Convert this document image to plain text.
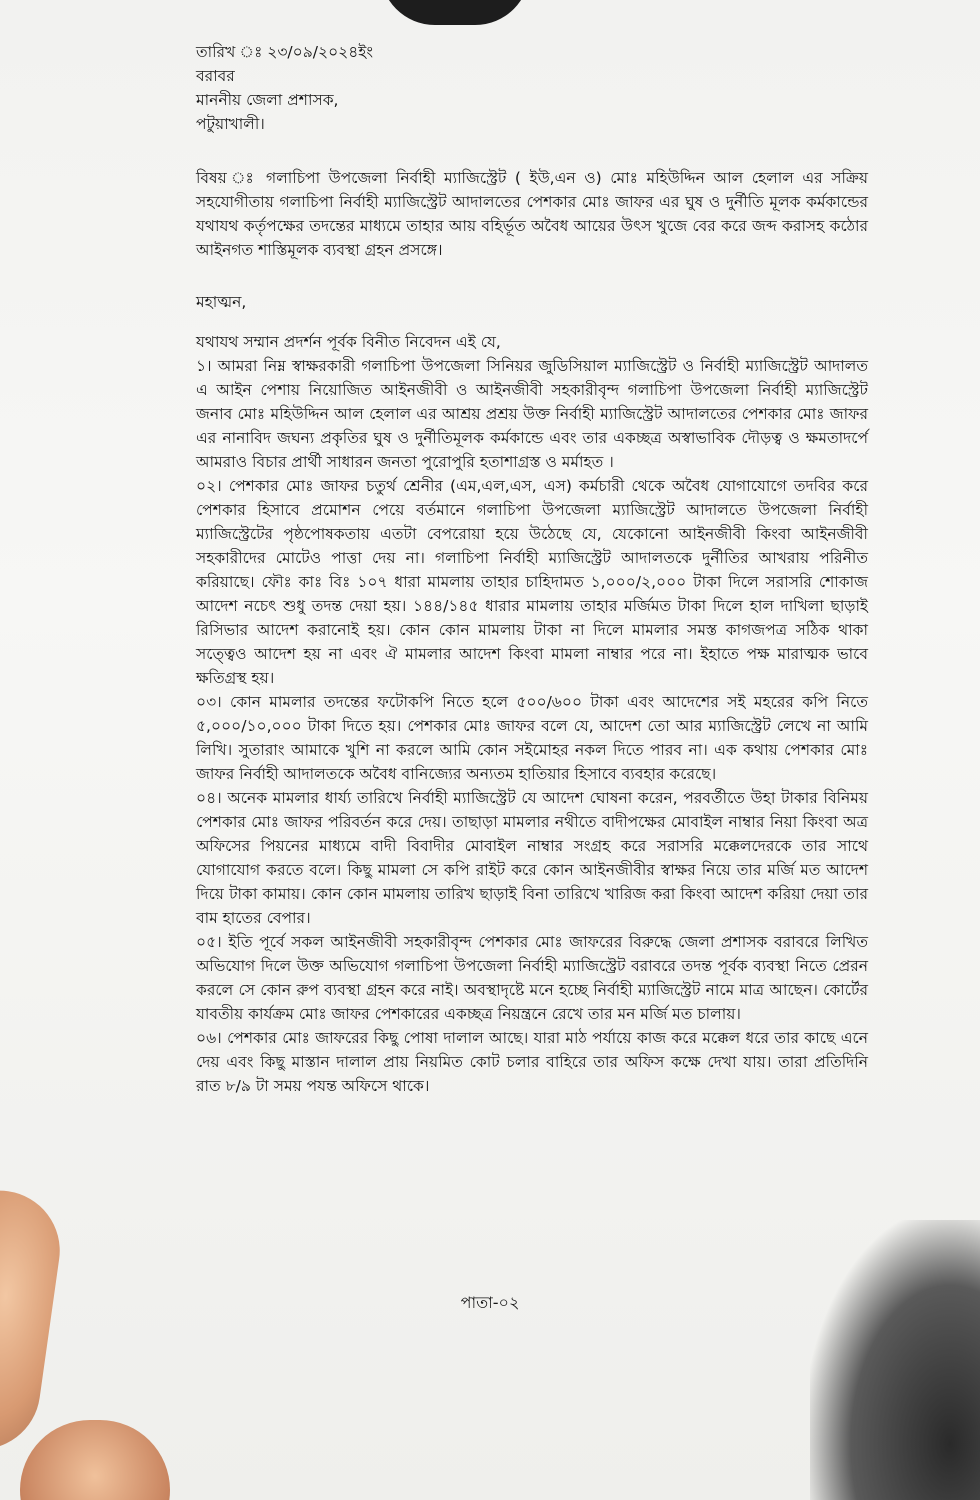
তারিখ ঃ ২৩/০৯/২০২৪ইং

বরাবর

মাননীয় জেলা প্রশাসক,

পটুয়াখালী।

বিষয় ঃ গলাচিপা উপজেলা নির্বাহী ম্যাজিস্ট্রেট ( ইউ,এন ও) মোঃ মহিউদ্দিন আল হেলাল এর সক্রিয় সহযোগীতায় গলাচিপা নির্বাহী ম্যাজিস্ট্রেট আদালতের পেশকার মোঃ জাফর এর ঘুষ ও দুর্নীতি মূলক কর্মকান্ডের যথাযথ কর্তৃপক্ষের তদন্তের মাধ্যমে তাহার আয় বহির্ভূত অবৈধ আয়ের উৎস খুজে বের করে জব্দ করাসহ কঠোর আইনগত শাস্তিমূলক ব্যবস্থা গ্রহন প্রসঙ্গে।

মহাত্মন,

যথাযথ সম্মান প্রদর্শন পূর্বক বিনীত নিবেদন এই যে,

১। আমরা নিম্ন স্বাক্ষরকারী গলাচিপা উপজেলা সিনিয়র জুডিসিয়াল ম্যাজিস্ট্রেট ও নির্বাহী ম্যাজিস্ট্রেট আদালত এ আইন পেশায় নিয়োজিত আইনজীবী ও আইনজীবী সহকারীবৃন্দ গলাচিপা উপজেলা নির্বাহী ম্যাজিস্ট্রেট জনাব মোঃ মহিউদ্দিন আল হেলাল এর আশ্রয় প্রশ্রয় উক্ত নির্বাহী ম্যাজিস্ট্রেট আদালতের পেশকার মোঃ জাফর এর নানাবিদ জঘন্য প্রকৃতির ঘুষ ও দুর্নীতিমূলক কর্মকান্ডে এবং তার একচ্ছত্র অস্বাভাবিক দৌড়ত্ব ও ক্ষমতাদর্পে আমরাও বিচার প্রার্থী সাধারন জনতা পুরোপুরি হতাশাগ্রস্ত ও মর্মাহত ।

০২। পেশকার মোঃ জাফর চতুর্থ শ্রেনীর (এম,এল,এস, এস) কর্মচারী থেকে অবৈধ যোগাযোগে তদবির করে পেশকার হিসাবে প্রমোশন পেয়ে বর্তমানে গলাচিপা উপজেলা ম্যাজিস্ট্রেট আদালতে উপজেলা নির্বাহী ম্যাজিস্ট্রেটের পৃষ্ঠপোষকতায় এতটা বেপরোয়া হয়ে উঠেছে যে, যেকোনো আইনজীবী কিংবা আইনজীবী সহকারীদের মোটেও পাত্তা দেয় না। গলাচিপা নির্বাহী ম্যাজিস্ট্রেট আদালতকে দুর্নীতির আখরায় পরিনীত করিয়াছে। ফৌঃ কাঃ বিঃ ১০৭ ধারা মামলায় তাহার চাহিদামত ১,০০০/২,০০০ টাকা দিলে সরাসরি শোকাজ আদেশ নচেৎ শুধু তদন্ত দেয়া হয়। ১৪৪/১৪৫ ধারার মামলায় তাহার মর্জিমত টাকা দিলে হাল দাখিলা ছাড়াই রিসিভার আদেশ করানোই হয়। কোন কোন মামলায় টাকা না দিলে মামলার সমস্ত কাগজপত্র সঠিক থাকা সত্ত্বেও আদেশ হয় না এবং ঐ মামলার আদেশ কিংবা মামলা নাম্বার পরে না। ইহাতে পক্ষ মারাত্মক ভাবে ক্ষতিগ্রস্থ হয়।

০৩। কোন মামলার তদন্তের ফটোকপি নিতে হলে ৫০০/৬০০ টাকা এবং আদেশের সই মহরের কপি নিতে ৫,০০০/১০,০০০ টাকা দিতে হয়। পেশকার মোঃ জাফর বলে যে, আদেশ তো আর ম্যাজিস্ট্রেট লেখে না আমি লিখি। সুতারাং আমাকে খুশি না করলে আমি কোন সইমোহর নকল দিতে পারব না। এক কথায় পেশকার মোঃ জাফর নির্বাহী আদালতকে অবৈধ বানিজ্যের অন্যতম হাতিয়ার হিসাবে ব্যবহার করেছে।

০৪। অনেক মামলার ধার্য্য তারিখে নির্বাহী ম্যাজিস্ট্রেট যে আদেশ ঘোষনা করেন, পরবর্তীতে উহা টাকার বিনিময় পেশকার মোঃ জাফর পরিবর্তন করে দেয়। তাছাড়া মামলার নথীতে বাদীপক্ষের মোবাইল নাম্বার নিয়া কিংবা অত্র অফিসের পিয়নের মাধ্যমে বাদী বিবাদীর মোবাইল নাম্বার সংগ্রহ করে সরাসরি মক্কেলদেরকে তার সাথে যোগাযোগ করতে বলে। কিছু মামলা সে কপি রাইট করে কোন আইনজীবীর স্বাক্ষর নিয়ে তার মর্জি মত আদেশ দিয়ে টাকা কামায়। কোন কোন মামলায় তারিখ ছাড়াই বিনা তারিখে খারিজ করা কিংবা আদেশ করিয়া দেয়া তার বাম হাতের বেপার।

০৫। ইতি পূর্বে সকল আইনজীবী সহকারীবৃন্দ পেশকার মোঃ জাফরের বিরুদ্ধে জেলা প্রশাসক বরাবরে লিখিত অভিযোগ দিলে উক্ত অভিযোগ গলাচিপা উপজেলা নির্বাহী ম্যাজিস্ট্রেট বরাবরে তদন্ত পূর্বক ব্যবস্থা নিতে প্রেরন করলে সে কোন রুপ ব্যবস্থা গ্রহন করে নাই। অবস্থাদৃষ্টে মনে হচ্ছে নির্বাহী ম্যাজিস্ট্রেট নামে মাত্র আছেন। কোর্টের যাবতীয় কার্যক্রম মোঃ জাফর পেশকারের একচ্ছত্র নিয়ন্ত্রনে রেখে তার মন মর্জি মত চালায়।

০৬। পেশকার মোঃ জাফরের কিছু পোষা দালাল আছে। যারা মাঠ পর্যায়ে কাজ করে মক্কেল ধরে তার কাছে এনে দেয় এবং কিছু মাস্তান দালাল প্রায় নিয়মিত কোট চলার বাহিরে তার অফিস কক্ষে দেখা যায়। তারা প্রতিদিনি রাত ৮/৯ টা সময় পযন্ত অফিসে থাকে।

পাতা-০২
